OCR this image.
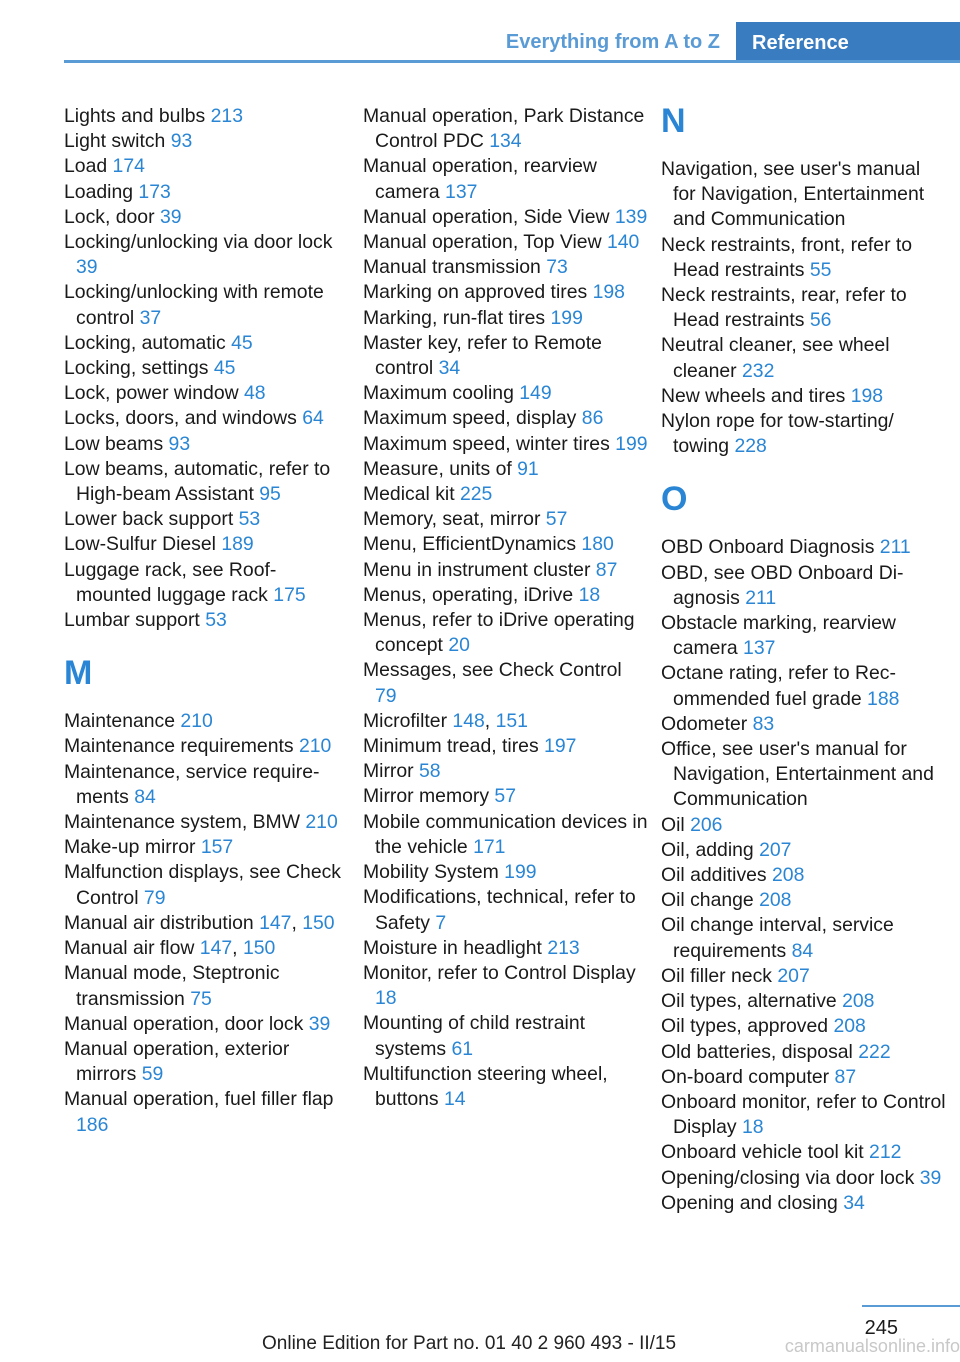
Everything from A to Z	Reference

Lights and bulbs 213

Light switch 93

Load 174

Loading 173

Lock, door 39

Locking/unlocking via door lock 39

Locking/unlocking with remote control 37

Locking, automatic 45

Locking, settings 45

Lock, power window 48

Locks, doors, and windows 64

Low beams 93

Low beams, automatic, refer to High-beam Assistant 95

Lower back support 53

Low-Sulfur Diesel 189

Luggage rack, see Roof-mounted luggage rack 175

Lumbar support 53

M

Maintenance 210

Maintenance requirements 210

Maintenance, service requirements 84

Maintenance system, BMW 210

Make-up mirror 157

Malfunction displays, see Check Control 79

Manual air distribution 147, 150

Manual air flow 147, 150

Manual mode, Steptronic transmission 75

Manual operation, door lock 39

Manual operation, exterior mirrors 59

Manual operation, fuel filler flap 186

Manual operation, Park Distance Control PDC 134

Manual operation, rearview camera 137

Manual operation, Side View 139

Manual operation, Top View 140

Manual transmission 73

Marking on approved tires 198

Marking, run-flat tires 199

Master key, refer to Remote control 34

Maximum cooling 149

Maximum speed, display 86

Maximum speed, winter tires 199

Measure, units of 91

Medical kit 225

Memory, seat, mirror 57

Menu, EfficientDynamics 180

Menu in instrument cluster 87

Menus, operating, iDrive 18

Menus, refer to iDrive operating concept 20

Messages, see Check Control 79

Microfilter 148, 151

Minimum tread, tires 197

Mirror 58

Mirror memory 57

Mobile communication devices in the vehicle 171

Mobility System 199

Modifications, technical, refer to Safety 7

Moisture in headlight 213

Monitor, refer to Control Display 18

Mounting of child restraint systems 61

Multifunction steering wheel, buttons 14

N

Navigation, see user's manual for Navigation, Entertainment and Communication

Neck restraints, front, refer to Head restraints 55

Neck restraints, rear, refer to Head restraints 56

Neutral cleaner, see wheel cleaner 232

New wheels and tires 198

Nylon rope for tow-starting/ towing 228

O

OBD Onboard Diagnosis 211

OBD, see OBD Onboard Diagnosis 211

Obstacle marking, rearview camera 137

Octane rating, refer to Recommended fuel grade 188

Odometer 83

Office, see user's manual for Navigation, Entertainment and Communication

Oil 206

Oil, adding 207

Oil additives 208

Oil change 208

Oil change interval, service requirements 84

Oil filler neck 207

Oil types, alternative 208

Oil types, approved 208

Old batteries, disposal 222

On-board computer 87

Onboard monitor, refer to Control Display 18

Onboard vehicle tool kit 212

Opening/closing via door lock 39

Opening and closing 34

245
Online Edition for Part no. 01 40 2 960 493 - II/15	carmanualsonline.info
